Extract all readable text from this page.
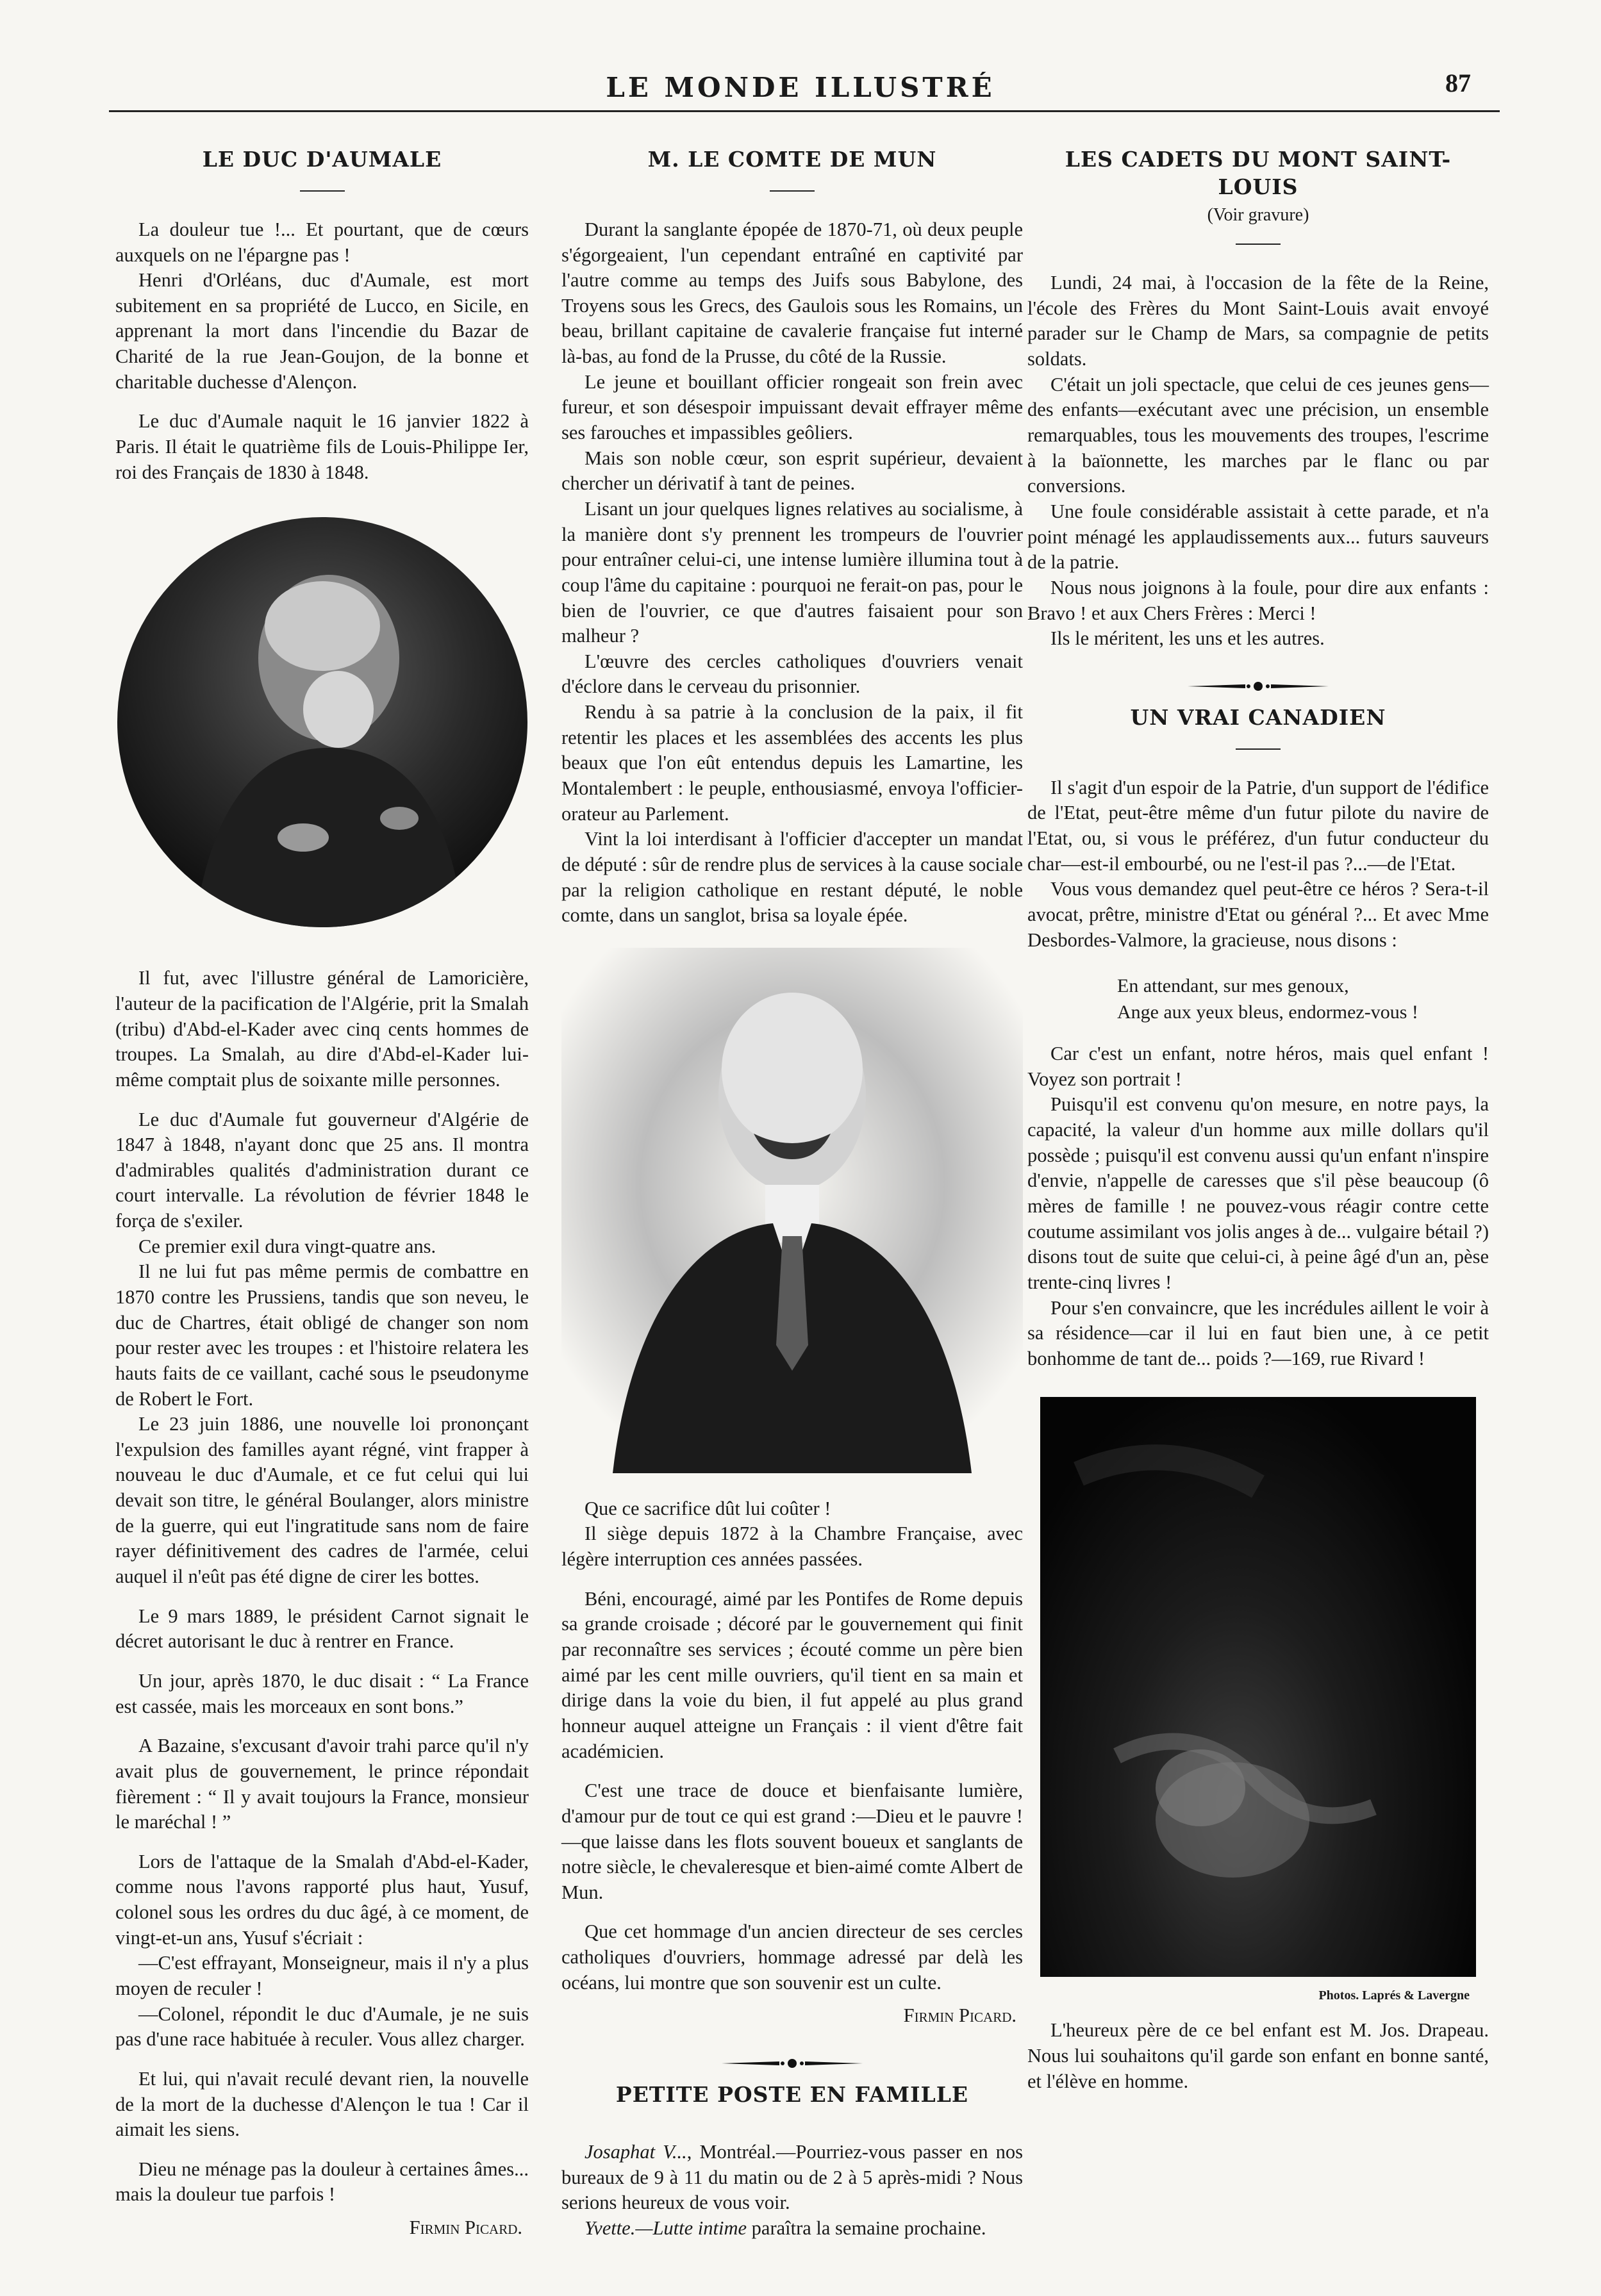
LE MONDE ILLUSTRÉ	87
LE DUC D'AUMALE

La douleur tue !... Et pourtant, que de cœurs auxquels on ne l'épargne pas !

Henri d'Orléans, duc d'Aumale, est mort subitement en sa propriété de Lucco, en Sicile, en apprenant la mort dans l'incendie du Bazar de Charité de la rue Jean-Goujon, de la bonne et charitable duchesse d'Alençon.

Le duc d'Aumale naquit le 16 janvier 1822 à Paris. Il était le quatrième fils de Louis-Philippe Ier, roi des Français de 1830 à 1848.

Il fut, avec l'illustre général de Lamoricière, l'auteur de la pacification de l'Algérie, prit la Smalah (tribu) d'Abd-el-Kader avec cinq cents hommes de troupes. La Smalah, au dire d'Abd-el-Kader lui-même comptait plus de soixante mille personnes.

Le duc d'Aumale fut gouverneur d'Algérie de 1847 à 1848, n'ayant donc que 25 ans. Il montra d'admirables qualités d'administration durant ce court intervalle. La révolution de février 1848 le força de s'exiler.

Ce premier exil dura vingt-quatre ans.

Il ne lui fut pas même permis de combattre en 1870 contre les Prussiens, tandis que son neveu, le duc de Chartres, était obligé de changer son nom pour rester avec les troupes : et l'histoire relatera les hauts faits de ce vaillant, caché sous le pseudonyme de Robert le Fort.

Le 23 juin 1886, une nouvelle loi prononçant l'expulsion des familles ayant régné, vint frapper à nouveau le duc d'Aumale, et ce fut celui qui lui devait son titre, le général Boulanger, alors ministre de la guerre, qui eut l'ingratitude sans nom de faire rayer définitivement des cadres de l'armée, celui auquel il n'eût pas été digne de cirer les bottes.

Le 9 mars 1889, le président Carnot signait le décret autorisant le duc à rentrer en France.

Un jour, après 1870, le duc disait : “ La France est cassée, mais les morceaux en sont bons.”

A Bazaine, s'excusant d'avoir trahi parce qu'il n'y avait plus de gouvernement, le prince répondait fièrement : “ Il y avait toujours la France, monsieur le maréchal ! ”

Lors de l'attaque de la Smalah d'Abd-el-Kader, comme nous l'avons rapporté plus haut, Yusuf, colonel sous les ordres du duc âgé, à ce moment, de vingt-et-un ans, Yusuf s'écriait :

—C'est effrayant, Monseigneur, mais il n'y a plus moyen de reculer !

—Colonel, répondit le duc d'Aumale, je ne suis pas d'une race habituée à reculer. Vous allez charger.

Et lui, qui n'avait reculé devant rien, la nouvelle de la mort de la duchesse d'Alençon le tua ! Car il aimait les siens.

Dieu ne ménage pas la douleur à certaines âmes... mais la douleur tue parfois !

Firmin Picard.
M. LE COMTE DE MUN

Durant la sanglante épopée de 1870-71, où deux peuple s'égorgeaient, l'un cependant entraîné en captivité par l'autre comme au temps des Juifs sous Babylone, des Troyens sous les Grecs, des Gaulois sous les Romains, un beau, brillant capitaine de cavalerie française fut interné là-bas, au fond de la Prusse, du côté de la Russie.

Le jeune et bouillant officier rongeait son frein avec fureur, et son désespoir impuissant devait effrayer même ses farouches et impassibles geôliers.

Mais son noble cœur, son esprit supérieur, devaient chercher un dérivatif à tant de peines.

Lisant un jour quelques lignes relatives au socialisme, à la manière dont s'y prennent les trompeurs de l'ouvrier pour entraîner celui-ci, une intense lumière illumina tout à coup l'âme du capitaine : pourquoi ne ferait-on pas, pour le bien de l'ouvrier, ce que d'autres faisaient pour son malheur ?

L'œuvre des cercles catholiques d'ouvriers venait d'éclore dans le cerveau du prisonnier.

Rendu à sa patrie à la conclusion de la paix, il fit retentir les places et les assemblées des accents les plus beaux que l'on eût entendus depuis les Lamartine, les Montalembert : le peuple, enthousiasmé, envoya l'officier-orateur au Parlement.

Vint la loi interdisant à l'officier d'accepter un mandat de député : sûr de rendre plus de services à la cause sociale par la religion catholique en restant député, le noble comte, dans un sanglot, brisa sa loyale épée.

Que ce sacrifice dût lui coûter !

Il siège depuis 1872 à la Chambre Française, avec légère interruption ces années passées.

Béni, encouragé, aimé par les Pontifes de Rome depuis sa grande croisade ; décoré par le gouvernement qui finit par reconnaître ses services ; écouté comme un père bien aimé par les cent mille ouvriers, qu'il tient en sa main et dirige dans la voie du bien, il fut appelé au plus grand honneur auquel atteigne un Français : il vient d'être fait académicien.

C'est une trace de douce et bienfaisante lumière, d'amour pur de tout ce qui est grand :—Dieu et le pauvre !—que laisse dans les flots souvent boueux et sanglants de notre siècle, le chevaleresque et bien-aimé comte Albert de Mun.

Que cet hommage d'un ancien directeur de ses cercles catholiques d'ouvriers, hommage adressé par delà les océans, lui montre que son souvenir est un culte.

Firmin Picard.
PETITE POSTE EN FAMILLE

Josaphat V..., Montréal.—Pourriez-vous passer en nos bureaux de 9 à 11 du matin ou de 2 à 5 après-midi ? Nous serions heureux de vous voir.

Yvette.—Lutte intime paraîtra la semaine prochaine.

LES CADETS DU MONT SAINT-LOUIS
(Voir gravure)

Lundi, 24 mai, à l'occasion de la fête de la Reine, l'école des Frères du Mont Saint-Louis avait envoyé parader sur le Champ de Mars, sa compagnie de petits soldats.

C'était un joli spectacle, que celui de ces jeunes gens—des enfants—exécutant avec une précision, un ensemble remarquables, tous les mouvements des troupes, l'escrime à la baïonnette, les marches par le flanc ou par conversions.

Une foule considérable assistait à cette parade, et n'a point ménagé les applaudissements aux... futurs sauveurs de la patrie.

Nous nous joignons à la foule, pour dire aux enfants : Bravo ! et aux Chers Frères : Merci !

Ils le méritent, les uns et les autres.

UN VRAI CANADIEN

Il s'agit d'un espoir de la Patrie, d'un support de l'édifice de l'Etat, peut-être même d'un futur pilote du navire de l'Etat, ou, si vous le préférez, d'un futur conducteur du char—est-il embourbé, ou ne l'est-il pas ?...—de l'Etat.

Vous vous demandez quel peut-être ce héros ? Sera-t-il avocat, prêtre, ministre d'Etat ou général ?... Et avec Mme Desbordes-Valmore, la gracieuse, nous disons :

En attendant, sur mes genoux,
Ange aux yeux bleus, endormez-vous !

Car c'est un enfant, notre héros, mais quel enfant ! Voyez son portrait !

Puisqu'il est convenu qu'on mesure, en notre pays, la capacité, la valeur d'un homme aux mille dollars qu'il possède ; puisqu'il est convenu aussi qu'un enfant n'inspire d'envie, n'appelle de caresses que s'il pèse beaucoup (ô mères de famille ! ne pouvez-vous réagir contre cette coutume assimilant vos jolis anges à de... vulgaire bétail ?) disons tout de suite que celui-ci, à peine âgé d'un an, pèse trente-cinq livres !

Pour s'en convaincre, que les incrédules aillent le voir à sa résidence—car il lui en faut bien une, à ce petit bonhomme de tant de... poids ?—169, rue Rivard !

Photos. Laprés & Lavergne

L'heureux père de ce bel enfant est M. Jos. Drapeau. Nous lui souhaitons qu'il garde son enfant en bonne santé, et l'élève en homme.
